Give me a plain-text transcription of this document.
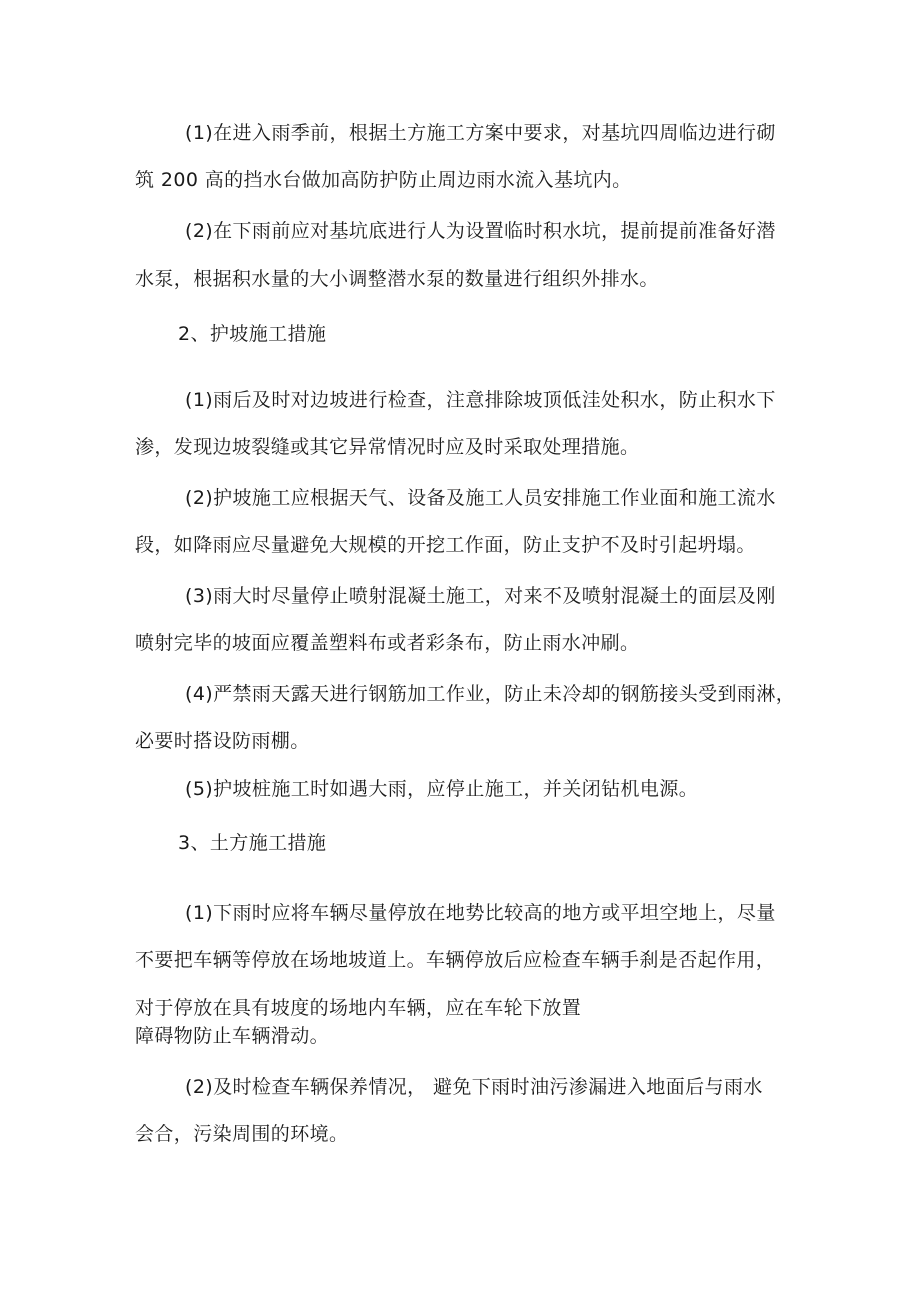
(1)在进入雨季前，根据土方施工方案中要求，对基坑四周临边进行砌
筑 200 高的挡水台做加高防护防止周边雨水流入基坑内。
(2)在下雨前应对基坑底进行人为设置临时积水坑，提前提前准备好潜
水泵，根据积水量的大小调整潜水泵的数量进行组织外排水。
2、护坡施工措施
(1)雨后及时对边坡进行检查，注意排除坡顶低洼处积水，防止积水下
渗，发现边坡裂缝或其它异常情况时应及时采取处理措施。
(2)护坡施工应根据天气、设备及施工人员安排施工作业面和施工流水
段，如降雨应尽量避免大规模的开挖工作面，防止支护不及时引起坍塌。
(3)雨大时尽量停止喷射混凝土施工，对来不及喷射混凝土的面层及刚
喷射完毕的坡面应覆盖塑料布或者彩条布，防止雨水冲刷。
(4)严禁雨天露天进行钢筋加工作业，防止未冷却的钢筋接头受到雨淋，
必要时搭设防雨棚。
(5)护坡桩施工时如遇大雨，应停止施工，并关闭钻机电源。
3、土方施工措施
(1)下雨时应将车辆尽量停放在地势比较高的地方或平坦空地上，尽量
不要把车辆等停放在场地坡道上。车辆停放后应检查车辆手刹是否起作用，
对于停放在具有坡度的场地内车辆，应在车轮下放置
障碍物防止车辆滑动。
(2)及时检查车辆保养情况， 避免下雨时油污渗漏进入地面后与雨水
会合，污染周围的环境。
